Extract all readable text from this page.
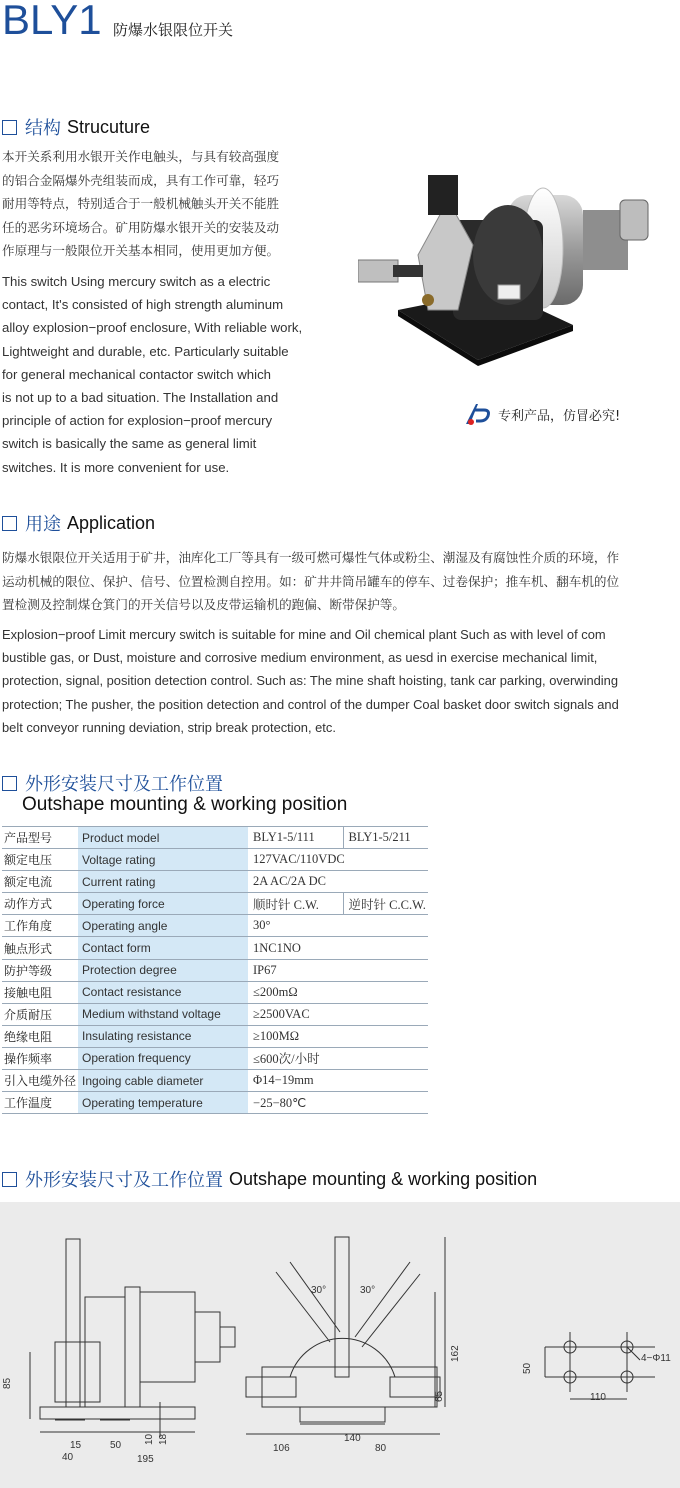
BLY1 防爆水银限位开关
结构 Strucuture
本开关系利用水银开关作电触头，与具有较高强度
的铝合金隔爆外壳组装而成，具有工作可靠，轻巧
耐用等特点，特别适合于一般机械触头开关不能胜
任的恶劣环境场合。矿用防爆水银开关的安装及动
作原理与一般限位开关基本相同，使用更加方便。
This switch Using mercury switch as a electric
contact, It's consisted of high strength aluminum
alloy explosion−proof enclosure, With reliable work,
Lightweight and durable, etc. Particularly suitable
for general mechanical contactor switch which
is not up to a bad situation. The Installation and
principle of action for explosion−proof mercury
switch is basically the same as general limit
switches. It is more convenient for use.
专利产品，仿冒必究!
用途 Application
防爆水银限位开关适用于矿井，油库化工厂等具有一级可燃可爆性气体或粉尘、潮湿及有腐蚀性介质的环境，作
运动机械的限位、保护、信号、位置检测自控用。如：矿井井筒吊罐车的停车、过卷保护；推车机、翻车机的位
置检测及控制煤仓箕门的开关信号以及皮带运输机的跑偏、断带保护等。
Explosion−proof Limit mercury switch is suitable for mine and Oil chemical plant Such as with level of com
bustible gas, or Dust, moisture and corrosive medium environment, as uesd in exercise mechanical limit,
protection, signal, position detection control. Such as: The mine shaft hoisting, tank car parking, overwinding
protection; The pusher, the position detection and control of the dumper Coal basket door switch signals and
belt conveyor running deviation, strip break protection, etc.
外形安装尺寸及工作位置
Outshape mounting & working position
产品型号	Product model	BLY1-5/111	BLY1-5/211
额定电压	Voltage rating	127VAC/110VDC	
额定电流	Current rating	2A AC/2A DC	
动作方式	Operating force	顺时针 C.W.	逆时针 C.C.W.
工作角度	Operating angle	30°	
触点形式	Contact form	1NC1NO	
防护等级	Protection degree	IP67	
接触电阻	Contact resistance	≤200mΩ	
介质耐压	Medium withstand voltage	≥2500VAC	
绝缘电阻	Insulating resistance	≥100MΩ	
操作频率	Operation frequency	≤600次/小时	
引入电缆外径	Ingoing cable diameter	Φ14−19mm	
工作温度	Operating temperature	−25−80℃	
外形安装尺寸及工作位置 Outshape mounting & working position
85
15	50
40	195
10 18
30°	30°
162
65
140
106	80
50
110
4−Φ11
